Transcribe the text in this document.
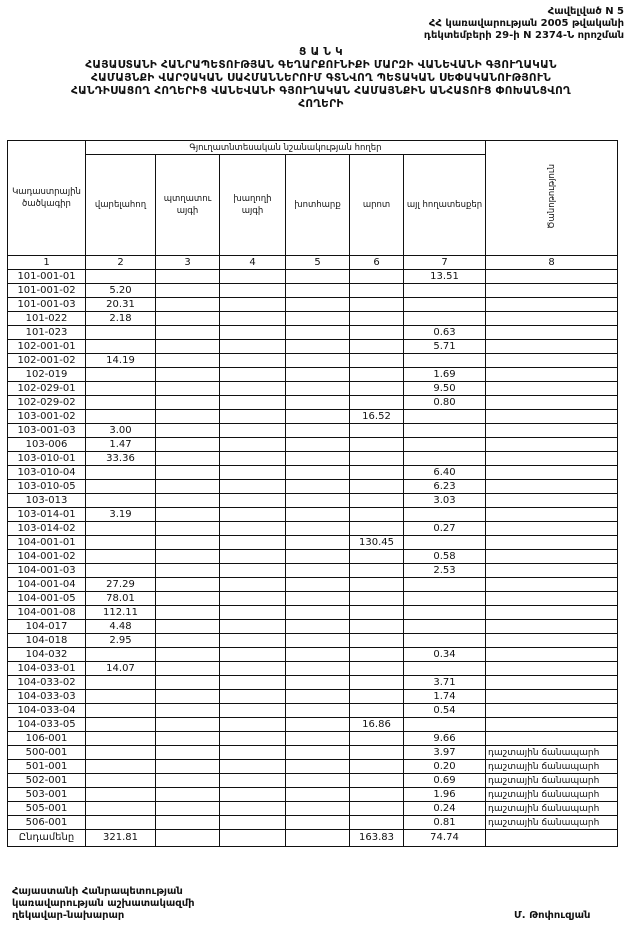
Հավելված N 5
ՀՀ կառավարության 2005 թվականի
դեկտեմբերի 29-ի N 2374-Ն որոշման
Ց Ա Ն Կ
ՀԱՅԱՍՏԱՆԻ ՀԱՆՐԱՊԵՏՈՒԹՅԱՆ ԳԵՂԱՐՔՈՒՆԻՔԻ ՄԱՐԶԻ ՎԱՆԵՎԱՆԻ ԳՅՈՒՂԱԿԱՆ
ՀԱՄԱՅՆՔԻ ՎԱՐՉԱԿԱՆ ՍԱՀՄԱՆՆԵՐՈՒՄ ԳՏՆՎՈՂ ՊԵՏԱԿԱՆ ՍԵՓԱԿԱՆՈՒԹՅՈՒՆ
ՀԱՆԴԻՍԱՑՈՂ ՀՈՂԵՐԻՑ ՎԱՆԵՎԱՆԻ ԳՅՈՒՂԱԿԱՆ ՀԱՄԱՅՆՔԻՆ ԱՆՀԱՏՈՒՑ ՓՈԽԱՆՑՎՈՂ
ՀՈՂԵՐԻ
Կադաստրային ծածկագիր	Գյուղատնտեսական նշանակության հողեր						Ծանոթություն
	վարելահող	պտղատու այգի	խաղողի այգի	խոտհարք	արոտ	այլ հողատեսքեր	
1	2	3	4	5	6	7	8
101-001-01						13.51	
101-001-02	5.20						
101-001-03	20.31						
101-022	2.18						
101-023						0.63	
102-001-01						5.71	
102-001-02	14.19						
102-019						1.69	
102-029-01						9.50	
102-029-02						0.80	
103-001-02					16.52		
103-001-03	3.00						
103-006	1.47						
103-010-01	33.36						
103-010-04						6.40	
103-010-05						6.23	
103-013						3.03	
103-014-01	3.19						
103-014-02						0.27	
104-001-01					130.45		
104-001-02						0.58	
104-001-03						2.53	
104-001-04	27.29						
104-001-05	78.01						
104-001-08	112.11						
104-017	4.48						
104-018	2.95						
104-032						0.34	
104-033-01	14.07						
104-033-02						3.71	
104-033-03						1.74	
104-033-04						0.54	
104-033-05					16.86		
106-001						9.66	
500-001						3.97	դաշտային ճանապարհ
501-001						0.20	դաշտային ճանապարհ
502-001						0.69	դաշտային ճանապարհ
503-001						1.96	դաշտային ճանապարհ
505-001						0.24	դաշտային ճանապարհ
506-001						0.81	դաշտային ճանապարհ
Ընդամենը	321.81				163.83	74.74	
Հայաստանի Հանրապետության
կառավարության աշխատակազմի
ղեկավար-նախարար	Մ. Թոփուզյան
